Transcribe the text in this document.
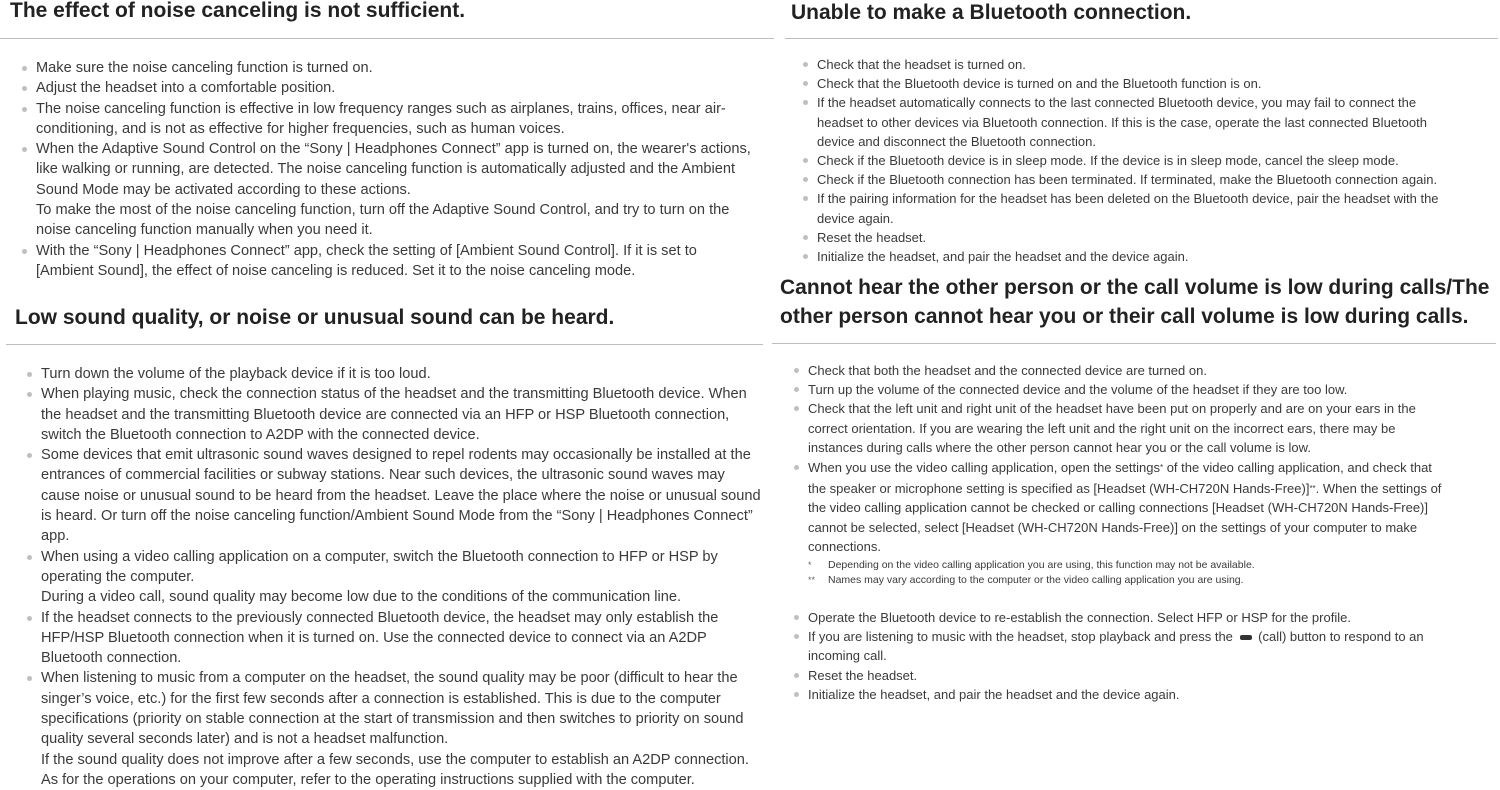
The effect of noise canceling is not sufficient.
Make sure the noise canceling function is turned on.
Adjust the headset into a comfortable position.
The noise canceling function is effective in low frequency ranges such as airplanes, trains, offices, near air-
conditioning, and is not as effective for higher frequencies, such as human voices.
When the Adaptive Sound Control on the “Sony | Headphones Connect” app is turned on, the wearer's actions,
like walking or running, are detected. The noise canceling function is automatically adjusted and the Ambient
Sound Mode may be activated according to these actions.
To make the most of the noise canceling function, turn off the Adaptive Sound Control, and try to turn on the
noise canceling function manually when you need it.
With the “Sony | Headphones Connect” app, check the setting of [Ambient Sound Control]. If it is set to
[Ambient Sound], the effect of noise canceling is reduced. Set it to the noise canceling mode.
Low sound quality, or noise or unusual sound can be heard.
Turn down the volume of the playback device if it is too loud.
When playing music, check the connection status of the headset and the transmitting Bluetooth device. When
the headset and the transmitting Bluetooth device are connected via an HFP or HSP Bluetooth connection,
switch the Bluetooth connection to A2DP with the connected device.
Some devices that emit ultrasonic sound waves designed to repel rodents may occasionally be installed at the
entrances of commercial facilities or subway stations. Near such devices, the ultrasonic sound waves may
cause noise or unusual sound to be heard from the headset. Leave the place where the noise or unusual sound
is heard. Or turn off the noise canceling function/Ambient Sound Mode from the “Sony | Headphones Connect”
app.
When using a video calling application on a computer, switch the Bluetooth connection to HFP or HSP by
operating the computer.
During a video call, sound quality may become low due to the conditions of the communication line.
If the headset connects to the previously connected Bluetooth device, the headset may only establish the
HFP/HSP Bluetooth connection when it is turned on. Use the connected device to connect via an A2DP
Bluetooth connection.
When listening to music from a computer on the headset, the sound quality may be poor (difficult to hear the
singer’s voice, etc.) for the first few seconds after a connection is established. This is due to the computer
specifications (priority on stable connection at the start of transmission and then switches to priority on sound
quality several seconds later) and is not a headset malfunction.
If the sound quality does not improve after a few seconds, use the computer to establish an A2DP connection.
As for the operations on your computer, refer to the operating instructions supplied with the computer.
Unable to make a Bluetooth connection.
Check that the headset is turned on.
Check that the Bluetooth device is turned on and the Bluetooth function is on.
If the headset automatically connects to the last connected Bluetooth device, you may fail to connect the
headset to other devices via Bluetooth connection. If this is the case, operate the last connected Bluetooth
device and disconnect the Bluetooth connection.
Check if the Bluetooth device is in sleep mode. If the device is in sleep mode, cancel the sleep mode.
Check if the Bluetooth connection has been terminated. If terminated, make the Bluetooth connection again.
If the pairing information for the headset has been deleted on the Bluetooth device, pair the headset with the
device again.
Reset the headset.
Initialize the headset, and pair the headset and the device again.
Cannot hear the other person or the call volume is low during calls/The
other person cannot hear you or their call volume is low during calls.
Check that both the headset and the connected device are turned on.
Turn up the volume of the connected device and the volume of the headset if they are too low.
Check that the left unit and right unit of the headset have been put on properly and are on your ears in the
correct orientation. If you are wearing the left unit and the right unit on the incorrect ears, there may be
instances during calls where the other person cannot hear you or the call volume is low.
When you use the video calling application, open the settings* of the video calling application, and check that
the speaker or microphone setting is specified as [Headset (WH-CH720N Hands-Free)]**. When the settings of
the video calling application cannot be checked or calling connections [Headset (WH-CH720N Hands-Free)]
cannot be selected, select [Headset (WH-CH720N Hands-Free)] on the settings of your computer to make
connections.
* Depending on the video calling application you are using, this function may not be available.
** Names may vary according to the computer or the video calling application you are using.
Operate the Bluetooth device to re-establish the connection. Select HFP or HSP for the profile.
If you are listening to music with the headset, stop playback and press the (call) button to respond to an
incoming call.
Reset the headset.
Initialize the headset, and pair the headset and the device again.
